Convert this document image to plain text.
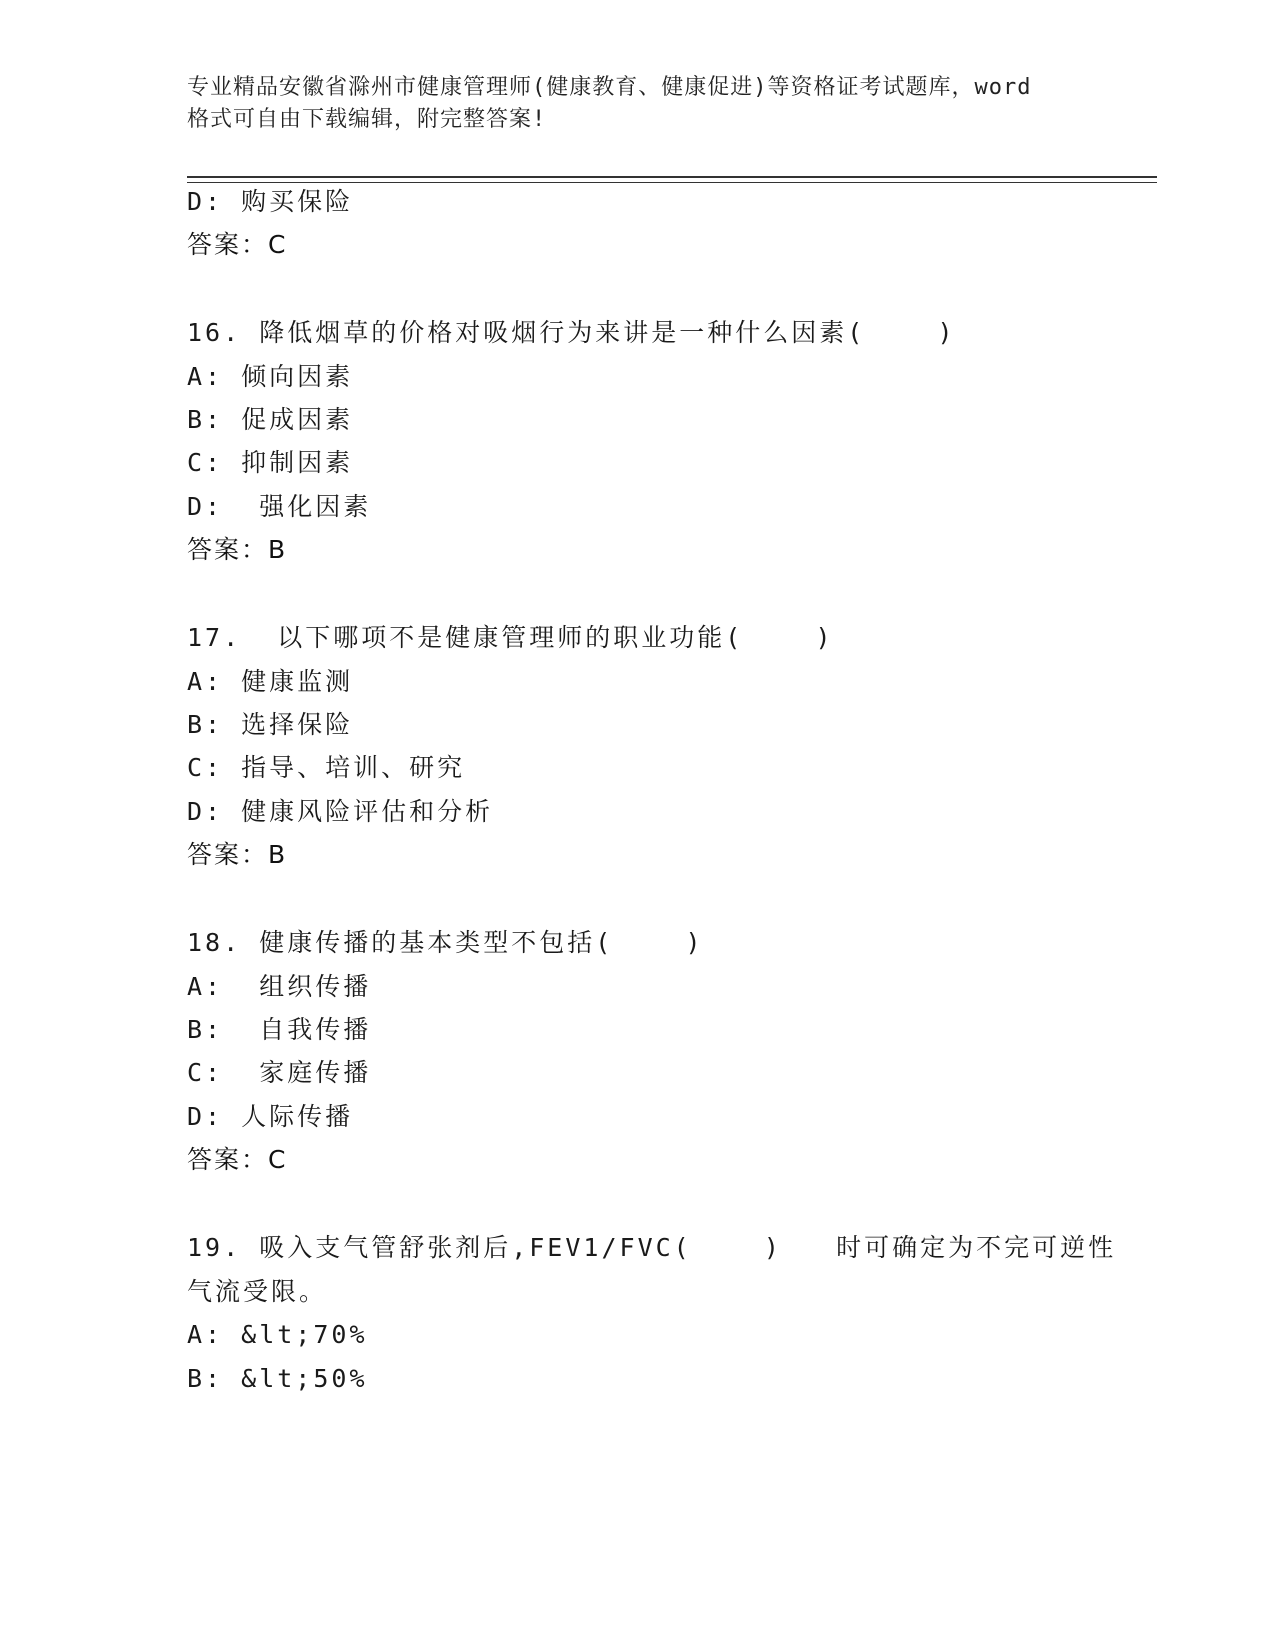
专业精品安徽省滁州市健康管理师(健康教育、健康促进)等资格证考试题库，word
格式可自由下载编辑，附完整答案!
D: 购买保险
答案：C
16. 降低烟草的价格对吸烟行为来讲是一种什么因素(    )
A: 倾向因素
B: 促成因素
C: 抑制因素
D:  强化因素
答案：B
17.  以下哪项不是健康管理师的职业功能(    )
A: 健康监测
B: 选择保险
C: 指导、培训、研究
D: 健康风险评估和分析
答案：B
18. 健康传播的基本类型不包括(    )
A:  组织传播
B:  自我传播
C:  家庭传播
D: 人际传播
答案：C
19. 吸入支气管舒张剂后,FEV1/FVC(    )   时可确定为不完可逆性
气流受限。
A: &lt;70%
B: &lt;50%
